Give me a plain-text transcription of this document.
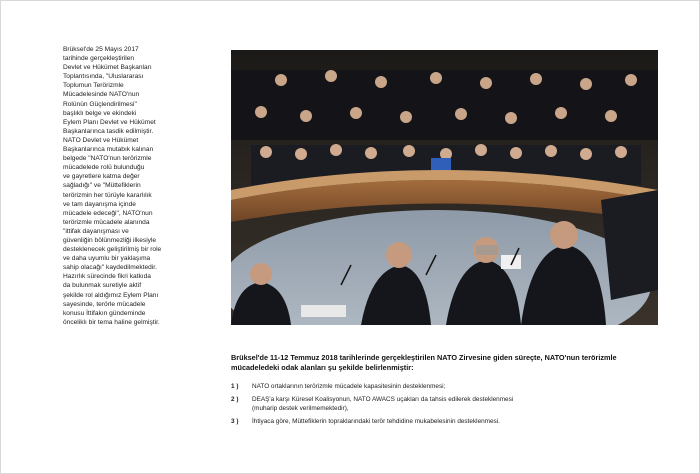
Brüksel'de 25 Mayıs 2017
tarihinde gerçekleştirilen
Devlet ve Hükümet Başkanları
Toplantısında, "Uluslararası
Toplumun Terörizmle
Mücadelesinde NATO'nun
Rolünün Güçlendirilmesi"
başlıklı belge ve ekindeki
Eylem Planı Devlet ve Hükümet
Başkanlarınca tasdik edilmiştir.
NATO Devlet ve Hükümet
Başkanlarınca mutabık kalınan
belgede "NATO'nun terörizmle
mücadelede rolü bulunduğu
ve gayretlere katma değer
sağladığı" ve "Müttefiklerin
terörizmin her türüyle kararlılık
ve tam dayanışma içinde
mücadele edeceği", NATO'nun
terörizmle mücadele alanında
"ittifak dayanışması ve
güvenliğin bölünmezliği ilkesiyle
desteklenecek geliştirilmiş bir role
ve daha uyumlu bir yaklaşıma
sahip olacağı" kaydedilmektedir.
Hazırlık sürecinde fikri katkıda
da bulunmak suretiyle aktif
şekilde rol aldığımız Eylem Planı
sayesinde, terörle mücadele
konusu İttifakın gündeminde
önceliklı bir tema haline gelmiştir.
Brüksel'de 11-12 Temmuz 2018 tarihlerinde gerçekleştirilen NATO Zirvesine giden süreçte, NATO'nun terörizmle mücadeledeki odak alanları şu şekilde belirlenmiştir:
1 )	NATO ortaklarının terörizmle mücadele kapasitesinin desteklenmesi;
2 )	DEAŞ'a karşı Küresel Koalisyonun, NATO AWACS uçakları da tahsis edilerek desteklenmesi
(muharip destek verilmemektedir),
3 )	İhtiyaca göre, Müttefiklerin topraklarındaki terör tehdidine mukabelesinin desteklenmesi.
